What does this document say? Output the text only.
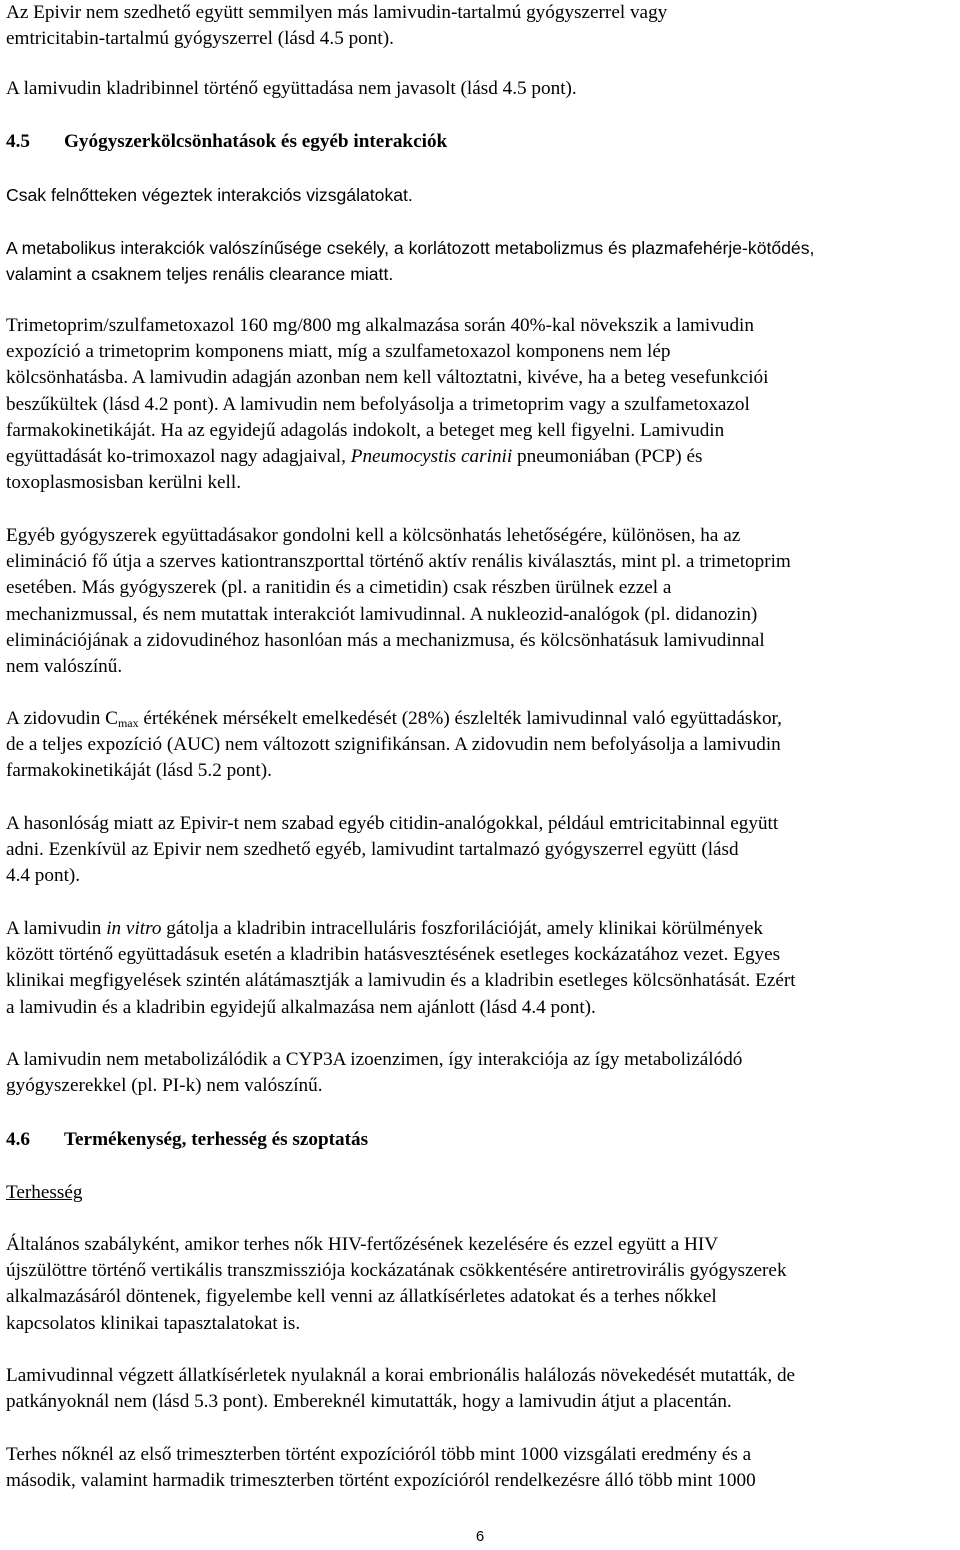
Az Epivir nem szedhető együtt semmilyen más lamivudin-tartalmú gyógyszerrel vagy
emtricitabin-tartalmú gyógyszerrel (lásd 4.5 pont).

A lamivudin kladribinnel történő együttadása nem javasolt (lásd 4.5 pont).

4.5 Gyógyszerkölcsönhatások és egyéb interakciók

Csak felnőtteken végeztek interakciós vizsgálatokat.

A metabolikus interakciók valószínűsége csekély, a korlátozott metabolizmus és plazmafehérje-kötődés,
valamint a csaknem teljes renális clearance miatt.

Trimetoprim/szulfametoxazol 160 mg/800 mg alkalmazása során 40%-kal növekszik a lamivudin
expozíció a trimetoprim komponens miatt, míg a szulfametoxazol komponens nem lép
kölcsönhatásba. A lamivudin adagján azonban nem kell változtatni, kivéve, ha a beteg vesefunkciói
beszűkültek (lásd 4.2 pont). A lamivudin nem befolyásolja a trimetoprim vagy a szulfametoxazol
farmakokinetikáját. Ha az egyidejű adagolás indokolt, a beteget meg kell figyelni. Lamivudin
együttadását ko-trimoxazol nagy adagjaival, Pneumocystis carinii pneumoniában (PCP) és
toxoplasmosisban kerülni kell.

Egyéb gyógyszerek együttadásakor gondolni kell a kölcsönhatás lehetőségére, különösen, ha az
elimináció fő útja a szerves kationtranszporttal történő aktív renális kiválasztás, mint pl. a trimetoprim
esetében. Más gyógyszerek (pl. a ranitidin és a cimetidin) csak részben ürülnek ezzel a
mechanizmussal, és nem mutattak interakciót lamivudinnal. A nukleozid-analógok (pl. didanozin)
eliminációjának a zidovudinéhoz hasonlóan más a mechanizmusa, és kölcsönhatásuk lamivudinnal
nem valószínű.

A zidovudin $C_{max}$ értékének mérsékelt emelkedését (28%) észlelték lamivudinnal való együttadáskor,
de a teljes expozíció (AUC) nem változott szignifikánsan. A zidovudin nem befolyásolja a lamivudin
farmakokinetikáját (lásd 5.2 pont).

A hasonlóság miatt az Epivir-t nem szabad egyéb citidin-analógokkal, például emtricitabinnal együtt
adni. Ezenkívül az Epivir nem szedhető egyéb, lamivudint tartalmazó gyógyszerrel együtt (lásd
4.4 pont).

A lamivudin in vitro gátolja a kladribin intracelluláris foszforilációját, amely klinikai körülmények
között történő együttadásuk esetén a kladribin hatásvesztésének esetleges kockázatához vezet. Egyes
klinikai megfigyelések szintén alátámasztják a lamivudin és a kladribin esetleges kölcsönhatását. Ezért
a lamivudin és a kladribin egyidejű alkalmazása nem ajánlott (lásd 4.4 pont).

A lamivudin nem metabolizálódik a CYP3A izoenzimen, így interakciója az így metabolizálódó
gyógyszerekkel (pl. PI-k) nem valószínű.

4.6 Termékenység, terhesség és szoptatás

Terhesség

Általános szabályként, amikor terhes nők HIV-fertőzésének kezelésére és ezzel együtt a HIV
újszülöttre történő vertikális transzmissziója kockázatának csökkentésére antiretrovirális gyógyszerek
alkalmazásáról döntenek, figyelembe kell venni az állatkísérletes adatokat és a terhes nőkkel
kapcsolatos klinikai tapasztalatokat is.

Lamivudinnal végzett állatkísérletek nyulaknál a korai embrionális halálozás növekedését mutatták, de
patkányoknál nem (lásd 5.3 pont). Embereknél kimutatták, hogy a lamivudin átjut a placentán.

Terhes nőknél az első trimeszterben történt expozícióról több mint 1000 vizsgálati eredmény és a
második, valamint harmadik trimeszterben történt expozícióról rendelkezésre álló több mint 1000

6
